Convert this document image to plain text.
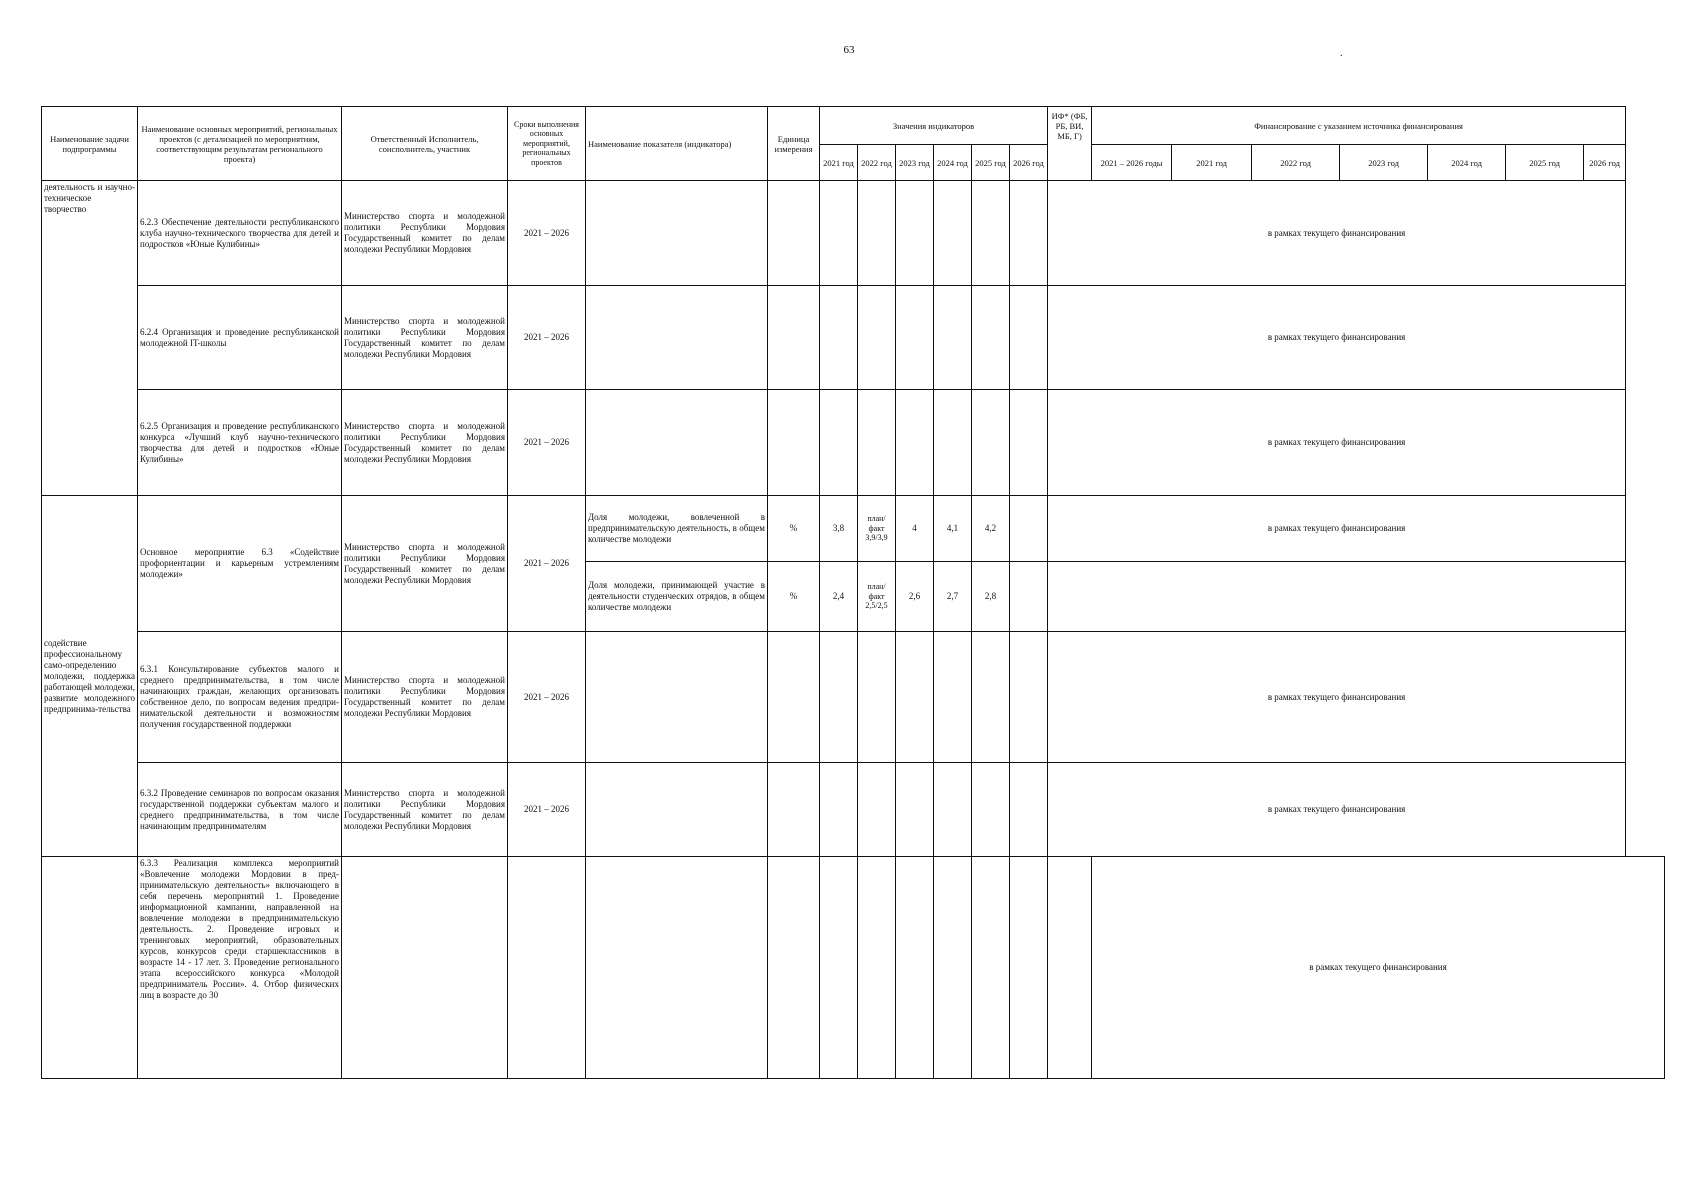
63	.
Наименование задачи подпрограммы	Наименование основных мероприятий, региональных проектов (с детализацией по мероприятиям, соответствующим результатам регионального проекта)	Ответственный Исполнитель, соисполнитель, участник	Сроки выполнения основных мероприятий, региональных проектов	Наименование показателя (индикатора)	Единица измерения	Значения индикаторов						ИФ* (ФБ, РБ, ВИ, МБ, Г)	Финансирование с указанием источника финансирования						
						2021 год	2022 год	2023 год	2024 год	2025 год	2026 год		2021 – 2026 годы	2021 год	2022 год	2023 год	2024 год	2025 год	2026 год
деятельность и научно-техническое творчество	6.2.3 Обеспечение деятельности республиканского клуба научно-технического творчества для детей и подростков «Юные Кулибины»	Министерство спорта и молодежной политики Республики Мордовия Государственный комитет по делам молодежи Республики Мордовия	2021 – 2026									в рамках текущего финансирования							
	6.2.4 Организация и проведение республиканской молодежной IT-школы	Министерство спорта и молодежной политики Республики Мордовия Государственный комитет по делам молодежи Республики Мордовия	2021 – 2026									в рамках текущего финансирования							
	6.2.5 Организация и проведение республиканского конкурса «Лучший клуб научно-технического творчества для детей и подростков «Юные Кулибины»	Министерство спорта и молодежной политики Республики Мордовия Государственный комитет по делам молодежи Республики Мордовия	2021 – 2026									в рамках текущего финансирования							
содействие профессиональному само-определению молодежи, поддержка работающей молодежи, развитие молодежного предпринима-тельства	Основное мероприятие 6.3 «Содействие профориентации и карьерным устремлениям молодежи»	Министерство спорта и молодежной политики Республики Мордовия Государственный комитет по делам молодежи Республики Мордовия	2021 – 2026	Доля молодежи, вовлеченной в предпринимательскую деятельность, в общем количестве молодежи	%	3,8	план/ факт 3,9/3,9	4	4,1	4,2		в рамках текущего финансирования							
				Доля молодежи, принимающей участие в деятельности студенческих отрядов, в общем количестве молодежи	%	2,4	план/ факт 2,5/2,5	2,6	2,7	2,8									
	6.3.1 Консультирование субъектов малого и среднего предпринимательства, в том числе начинающих граждан, желающих организовать собственное дело, по вопросам ведения предпри-нимательской деятельности и возможностям получения государственной поддержки	Министерство спорта и молодежной политики Республики Мордовия Государственный комитет по делам молодежи Республики Мордовия	2021 – 2026									в рамках текущего финансирования							
	6.3.2 Проведение семинаров по вопросам оказания государственной поддержки субъектам малого и среднего предпринимательства, в том числе начинающим предпринимателям	Министерство спорта и молодежной политики Республики Мордовия Государственный комитет по делам молодежи Республики Мордовия	2021 – 2026									в рамках текущего финансирования							
	6.3.3 Реализация комплекса мероприятий «Вовлечение молодежи Мордовии в пред-принимательскую деятельность» включающего в себя перечень мероприятий 1. Проведение информационной кампании, направленной на вовлечение молодежи в предпринимательскую деятельность. 2. Проведение игровых и тренинговых мероприятий, образовательных курсов, конкурсов среди старшеклассников в возрасте 14 - 17 лет. 3. Проведение регионального этапа всероссийского конкурса «Молодой предприниматель России». 4. Отбор физических лиц в возрасте до 30												в рамках текущего финансирования						
